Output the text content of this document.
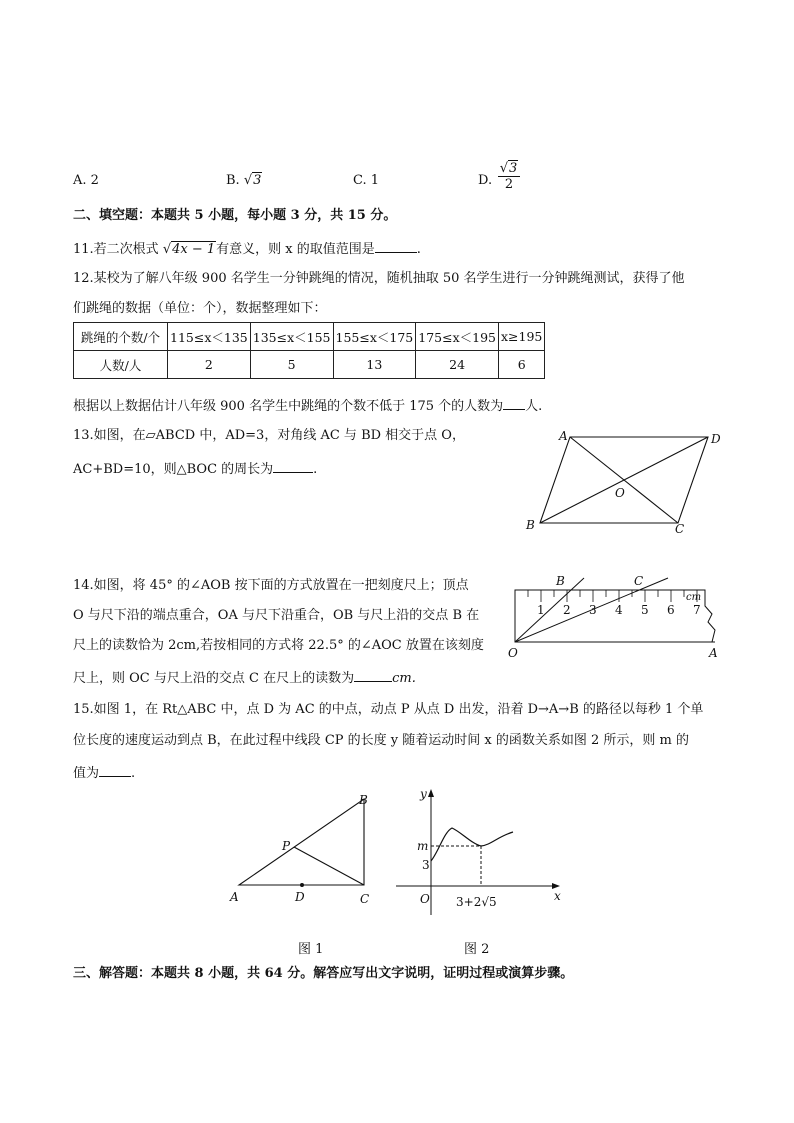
A. 2	B. √3	C. 1	D.
√3
2
二、填空题：本题共 5 小题，每小题 3 分，共 15 分。
11.若二次根式 √4x − 1有意义，则 x 的取值范围是	.
12.某校为了解八年级 900 名学生一分钟跳绳的情况，随机抽取 50 名学生进行一分钟跳绳测试，获得了他
们跳绳的数据（单位：个），数据整理如下：
跳绳的个数/个	115≤x＜135	135≤x＜155	155≤x＜175	175≤x＜195	x≥195
人数/人	2	5	13	24	6
根据以上数据估计八年级 900 名学生中跳绳的个数不低于 175 个的人数为 人.
13.如图，在▱ABCD 中，AD=3，对角线 AC 与 BD 相交于点 O，
AC+BD=10，则△BOC 的周长为	.
A	D
B	C
O
14.如图，将 45° 的∠AOB 按下面的方式放置在一把刻度尺上；顶点
O 与尺下沿的端点重合，OA 与尺下沿重合，OB 与尺上沿的交点 B 在
尺上的读数恰为 2cm,若按相同的方式将 22.5° 的∠AOC 放置在该刻度
尺上，则 OC 与尺上沿的交点 C 在尺上的读数为	cm.
1 2 3 4 5 6 7
cm
B	C
O	A
15.如图 1，在 Rt△ABC 中，点 D 为 AC 的中点，动点 P 从点 D 出发，沿着 D→A→B 的路径以每秒 1 个单
位长度的速度运动到点 B，在此过程中线段 CP 的长度 y 随着运动时间 x 的函数关系如图 2 所示，则 m 的
值为 .
A	C
B
D
P
图 1
y
x
O
m
3
3+2√5
图 2
三、解答题：本题共 8 小题，共 64 分。解答应写出文字说明，证明过程或演算步骤。
